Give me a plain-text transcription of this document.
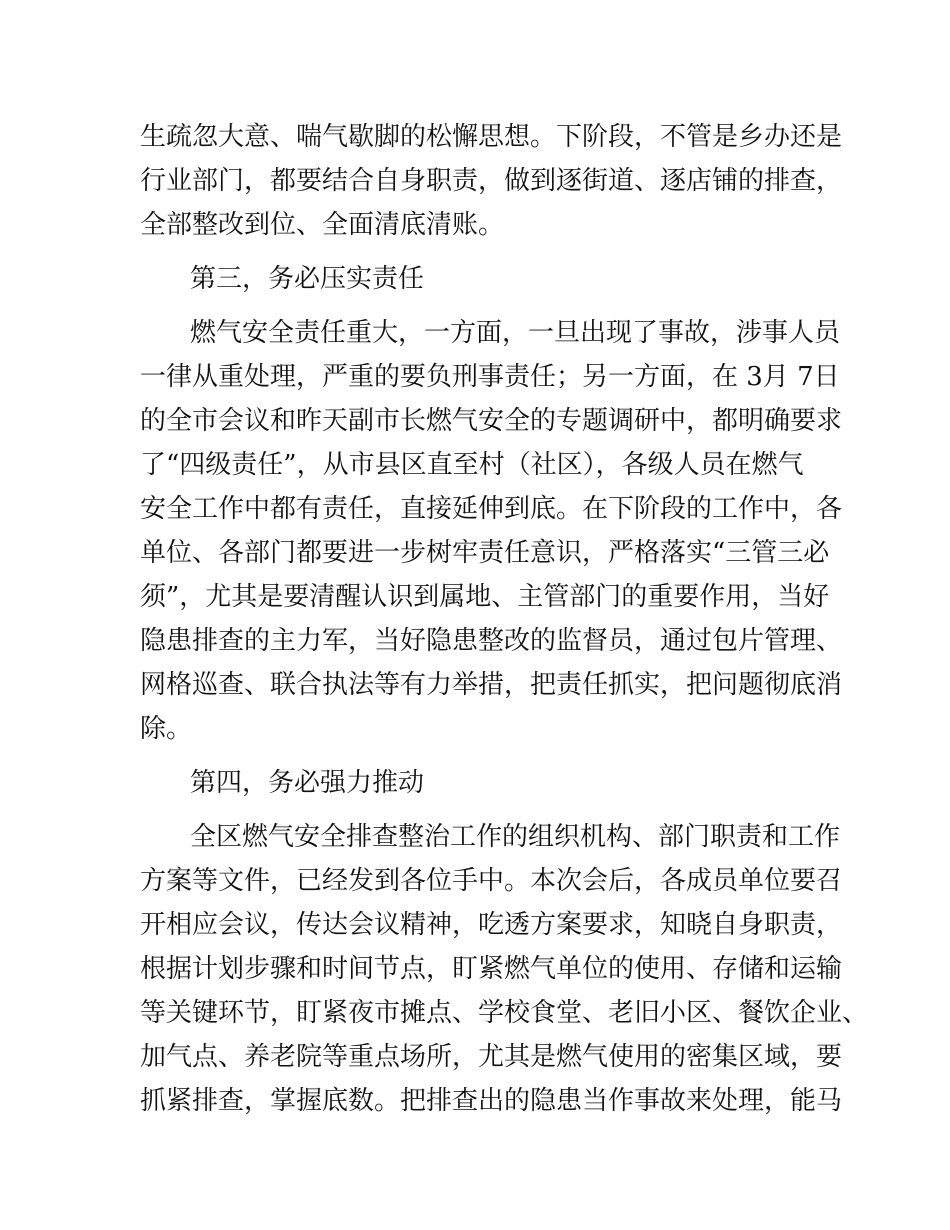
生疏忽大意、喘气歇脚的松懈思想。下阶段，不管是乡办还是

行业部门，都要结合自身职责，做到逐街道、逐店铺的排查，

全部整改到位、全面清底清账。

第三，务必压实责任

燃气安全责任重大，一方面，一旦出现了事故，涉事人员

一律从重处理，严重的要负刑事责任；另一方面，在 3月 7日

的全市会议和昨天副市长燃气安全的专题调研中，都明确要求

了“四级责任”，从市县区直至村（社区），各级人员在燃气

安全工作中都有责任，直接延伸到底。在下阶段的工作中，各

单位、各部门都要进一步树牢责任意识，严格落实“三管三必

须”，尤其是要清醒认识到属地、主管部门的重要作用，当好

隐患排查的主力军，当好隐患整改的监督员，通过包片管理、

网格巡查、联合执法等有力举措，把责任抓实，把问题彻底消

除。

第四，务必强力推动

全区燃气安全排查整治工作的组织机构、部门职责和工作

方案等文件，已经发到各位手中。本次会后，各成员单位要召

开相应会议，传达会议精神，吃透方案要求，知晓自身职责，

根据计划步骤和时间节点，盯紧燃气单位的使用、存储和运输

等关键环节，盯紧夜市摊点、学校食堂、老旧小区、餐饮企业、

加气点、养老院等重点场所，尤其是燃气使用的密集区域，要

抓紧排查，掌握底数。把排查出的隐患当作事故来处理，能马
